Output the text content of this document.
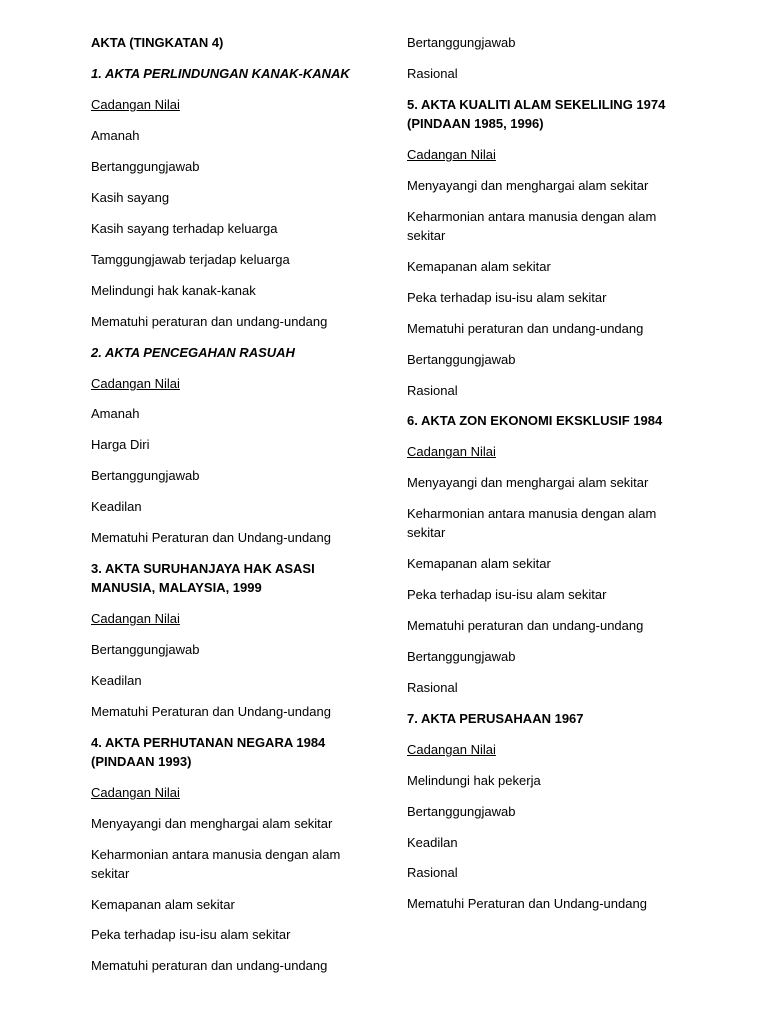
AKTA (TINGKATAN 4)
1. AKTA PERLINDUNGAN KANAK-KANAK
Cadangan Nilai
Amanah
Bertanggungjawab
Kasih sayang
Kasih sayang terhadap keluarga
Tamggungjawab terjadap keluarga
Melindungi hak kanak-kanak
Mematuhi peraturan dan undang-undang
2. AKTA PENCEGAHAN RASUAH
Cadangan Nilai
Amanah
Harga Diri
Bertanggungjawab
Keadilan
Mematuhi Peraturan dan Undang-undang
3. AKTA SURUHANJAYA HAK ASASI
MANUSIA, MALAYSIA, 1999
Cadangan Nilai
Bertanggungjawab
Keadilan
Mematuhi Peraturan dan Undang-undang
4. AKTA PERHUTANAN NEGARA 1984
(PINDAAN 1993)
Cadangan Nilai
Menyayangi dan menghargai alam sekitar
Keharmonian antara manusia dengan alam
sekitar
Kemapanan alam sekitar
Peka terhadap isu-isu alam sekitar
Mematuhi peraturan dan undang-undang
Bertanggungjawab
Rasional
5. AKTA KUALITI ALAM SEKELILING 1974
(PINDAAN 1985, 1996)
Cadangan Nilai
Menyayangi dan menghargai alam sekitar
Keharmonian antara manusia dengan alam
sekitar
Kemapanan alam sekitar
Peka terhadap isu-isu alam sekitar
Mematuhi peraturan dan undang-undang
Bertanggungjawab
Rasional
6. AKTA ZON EKONOMI EKSKLUSIF 1984
Cadangan Nilai
Menyayangi dan menghargai alam sekitar
Keharmonian antara manusia dengan alam
sekitar
Kemapanan alam sekitar
Peka terhadap isu-isu alam sekitar
Mematuhi peraturan dan undang-undang
Bertanggungjawab
Rasional
7. AKTA PERUSAHAAN 1967
Cadangan Nilai
Melindungi hak pekerja
Bertanggungjawab
Keadilan
Rasional
Mematuhi Peraturan dan Undang-undang
